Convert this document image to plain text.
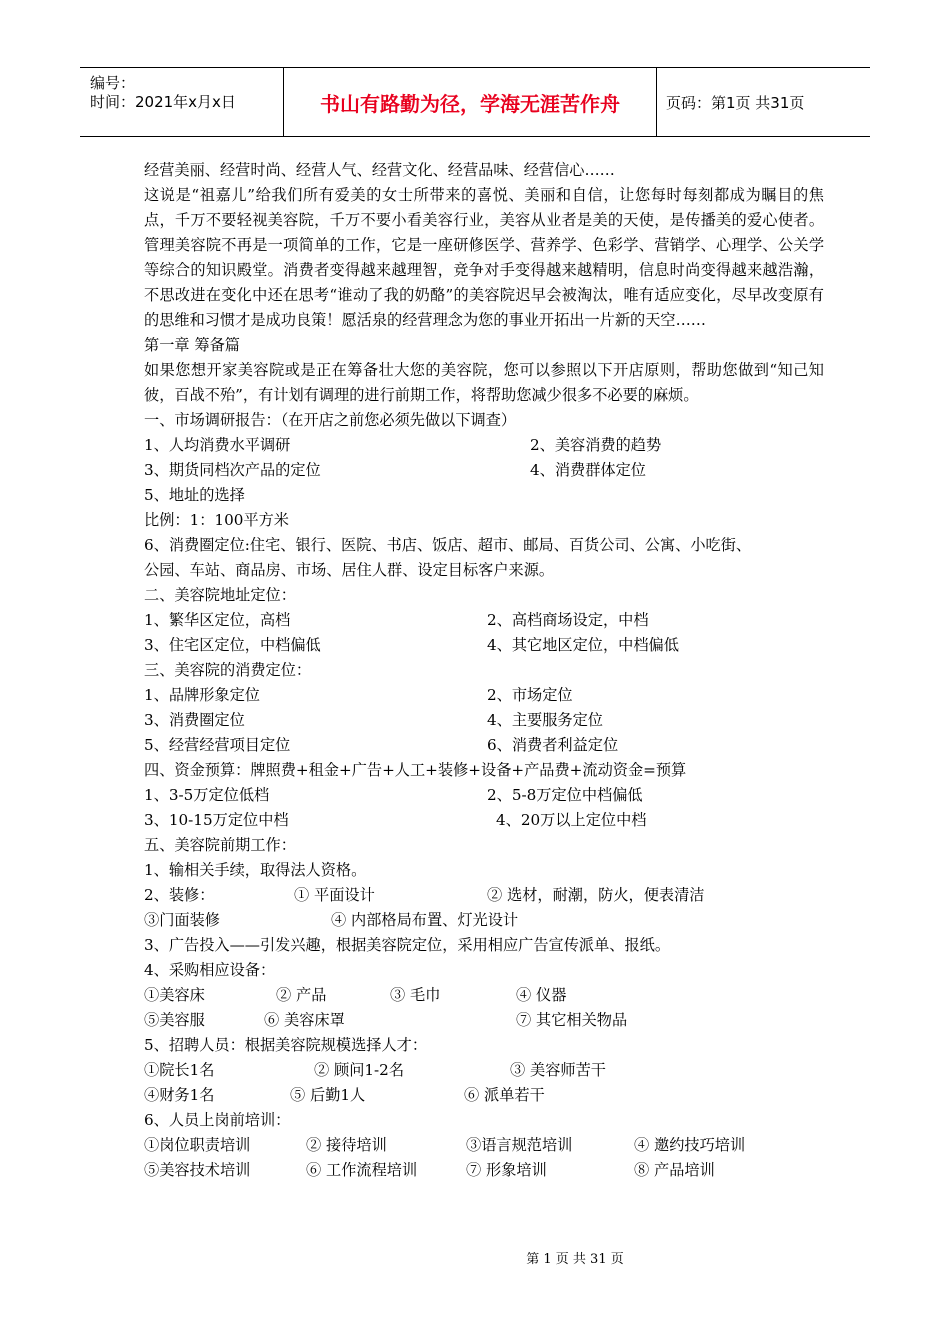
编号：
时间：2021年x月x日	书山有路勤为径，学海无涯苦作舟	页码：第1页 共31页

经营美丽、经营时尚、经营人气、经营文化、经营品味、经营信心……

这说是“祖嘉儿”给我们所有爱美的女士所带来的喜悦、美丽和自信，让您每时每刻都成为瞩目的焦点，千万不要轻视美容院，千万不要小看美容行业，美容从业者是美的天使，是传播美的爱心使者。管理美容院不再是一项简单的工作，它是一座研修医学、营养学、色彩学、营销学、心理学、公关学等综合的知识殿堂。消费者变得越来越理智，竞争对手变得越来越精明，信息时尚变得越来越浩瀚，不思改进在变化中还在思考“谁动了我的奶酪”的美容院迟早会被淘汰，唯有适应变化，尽早改变原有的思维和习惯才是成功良策！愿活泉的经营理念为您的事业开拓出一片新的天空……

第一章 筹备篇

如果您想开家美容院或是正在筹备壮大您的美容院，您可以参照以下开店原则，帮助您做到“知己知彼，百战不殆”，有计划有调理的进行前期工作，将帮助您减少很多不必要的麻烦。

一、市场调研报告：（在开店之前您必须先做以下调查）
1、人均消费水平调研	2、美容消费的趋势
3、期货同档次产品的定位	4、消费群体定位
5、地址的选择
比例：1：100平方米
6、消费圈定位:住宅、银行、医院、书店、饭店、超市、邮局、百货公司、公寓、小吃街、
公园、车站、商品房、市场、居住人群、设定目标客户来源。
二、美容院地址定位：
1、繁华区定位，高档	2、高档商场设定，中档
3、住宅区定位，中档偏低	4、其它地区定位，中档偏低
三、美容院的消费定位：
1、品牌形象定位	2、市场定位
3、消费圈定位	4、主要服务定位
5、经营经营项目定位	6、消费者利益定位
四、资金预算：牌照费+租金+广告+人工+装修+设备+产品费+流动资金=预算
1、3-5万定位低档	2、5-8万定位中档偏低
3、10-15万定位中档	4、20万以上定位中档
五、美容院前期工作：
1、输相关手续，取得法人资格。
2、装修：	① 平面设计	② 选材，耐潮，防火，便表清洁
③门面装修	④ 内部格局布置、灯光设计
3、广告投入——引发兴趣，根据美容院定位，采用相应广告宣传派单、报纸。
4、采购相应设备：
①美容床	② 产品	③ 毛巾	④ 仪器
⑤美容服	⑥ 美容床罩	⑦ 其它相关物品
5、招聘人员：根据美容院规模选择人才：
①院长1名	② 顾问1-2名	③ 美容师苦干
④财务1名	⑤ 后勤1人	⑥ 派单若干
6、人员上岗前培训：
①岗位职责培训	② 接待培训	③语言规范培训	④ 邀约技巧培训
⑤美容技术培训	⑥ 工作流程培训	⑦ 形象培训	⑧ 产品培训
第 1 页 共 31 页
